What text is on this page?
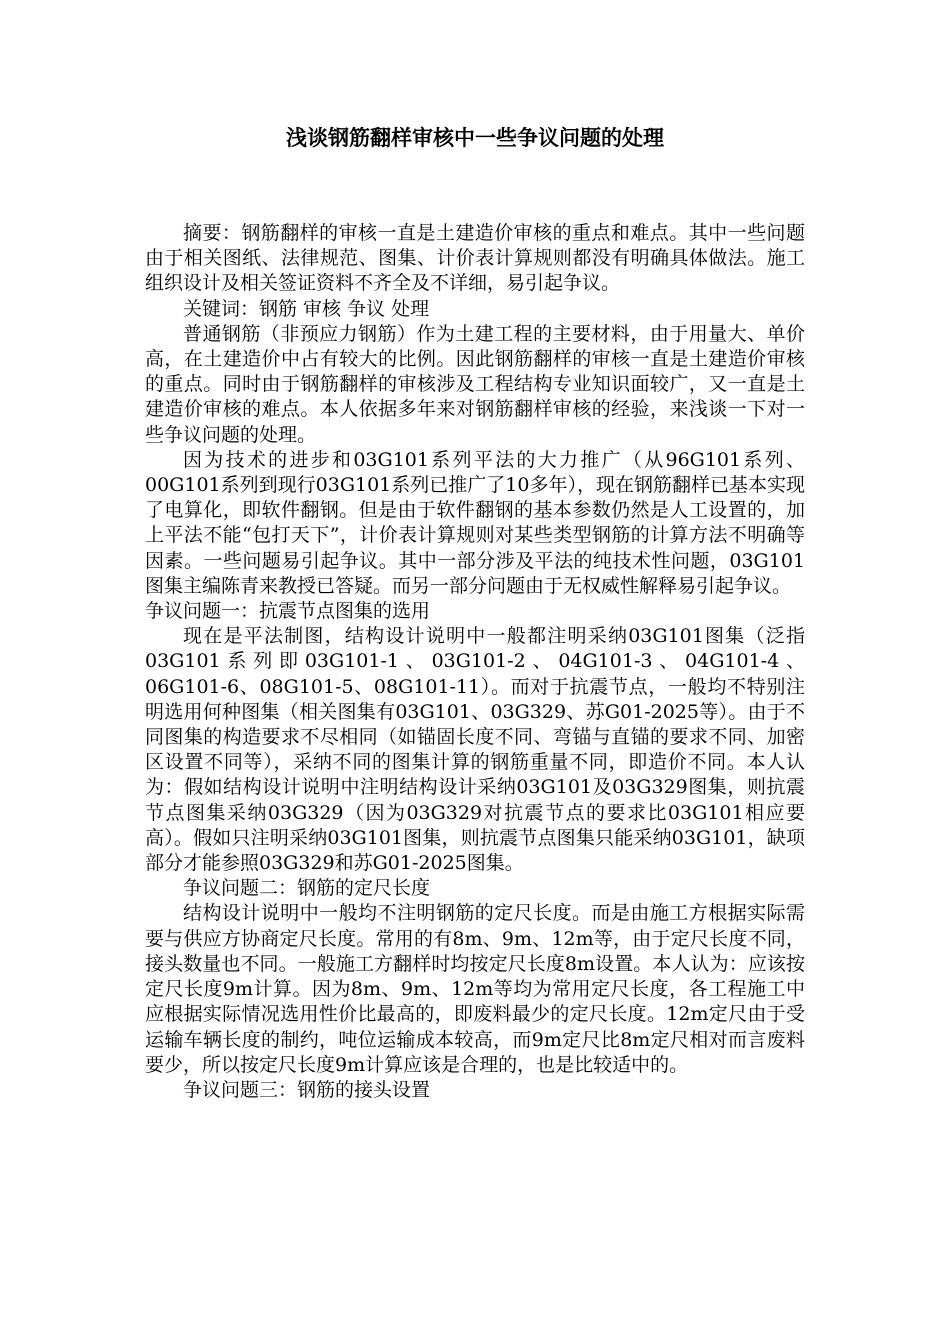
浅谈钢筋翻样审核中一些争议问题的处理

摘要：钢筋翻样的审核一直是土建造价审核的重点和难点。其中一些问题由于相关图纸、法律规范、图集、计价表计算规则都没有明确具体做法。施工组织设计及相关签证资料不齐全及不详细，易引起争议。

关键词：钢筋 审核 争议 处理

普通钢筋（非预应力钢筋）作为土建工程的主要材料，由于用量大、单价高，在土建造价中占有较大的比例。因此钢筋翻样的审核一直是土建造价审核的重点。同时由于钢筋翻样的审核涉及工程结构专业知识面较广，又一直是土建造价审核的难点。本人依据多年来对钢筋翻样审核的经验，来浅谈一下对一些争议问题的处理。

因为技术的进步和03G101系列平法的大力推广（从96G101系列、00G101系列到现行03G101系列已推广了10多年），现在钢筋翻样已基本实现了电算化，即软件翻钢。但是由于软件翻钢的基本参数仍然是人工设置的，加上平法不能“包打天下”，计价表计算规则对某些类型钢筋的计算方法不明确等因素。一些问题易引起争议。其中一部分涉及平法的纯技术性问题，03G101图集主编陈青来教授已答疑。而另一部分问题由于无权威性解释易引起争议。

争议问题一：抗震节点图集的选用

现在是平法制图，结构设计说明中一般都注明采纳03G101图集（泛指03G101系列即03G101-1、03G101-2、04G101-3、04G101-4、06G101-6、08G101-5、08G101-11）。而对于抗震节点，一般均不特别注明选用何种图集（相关图集有03G101、03G329、苏G01-2025等）。由于不同图集的构造要求不尽相同（如锚固长度不同、弯锚与直锚的要求不同、加密区设置不同等），采纳不同的图集计算的钢筋重量不同，即造价不同。本人认为：假如结构设计说明中注明结构设计采纳03G101及03G329图集，则抗震节点图集采纳03G329（因为03G329对抗震节点的要求比03G101相应要高）。假如只注明采纳03G101图集，则抗震节点图集只能采纳03G101，缺项部分才能参照03G329和苏G01-2025图集。

争议问题二：钢筋的定尺长度

结构设计说明中一般均不注明钢筋的定尺长度。而是由施工方根据实际需要与供应方协商定尺长度。常用的有8m、9m、12m等，由于定尺长度不同，接头数量也不同。一般施工方翻样时均按定尺长度8m设置。本人认为：应该按定尺长度9m计算。因为8m、9m、12m等均为常用定尺长度，各工程施工中应根据实际情况选用性价比最高的，即废料最少的定尺长度。12m定尺由于受运输车辆长度的制约，吨位运输成本较高，而9m定尺比8m定尺相对而言废料要少，所以按定尺长度9m计算应该是合理的，也是比较适中的。

争议问题三：钢筋的接头设置
